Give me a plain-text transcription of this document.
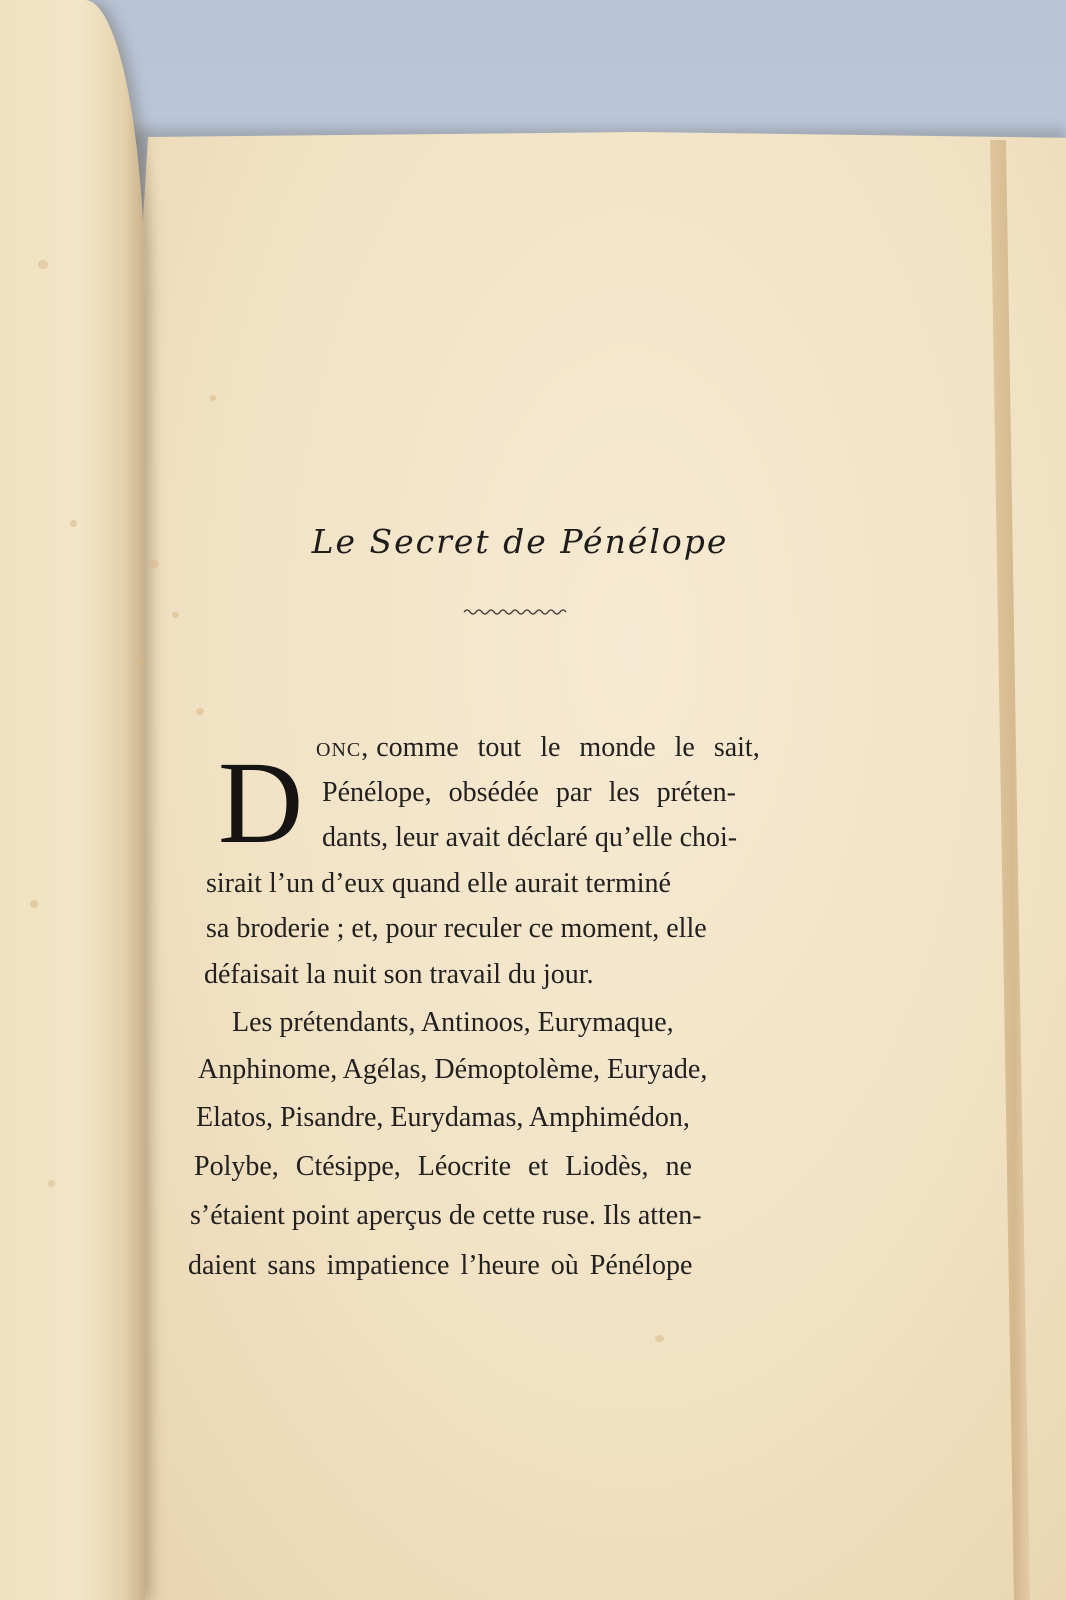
Le Secret de Pénélope
D onc, comme tout le monde le sait,
Pénélope, obsédée par les préten-
dants, leur avait déclaré qu’elle choi-
sirait l’un d’eux quand elle aurait terminé
sa broderie ; et, pour reculer ce moment, elle
défaisait la nuit son travail du jour.
Les prétendants, Antinoos, Eurymaque,
Anphinome, Agélas, Démoptolème, Euryade,
Elatos, Pisandre, Eurydamas, Amphimédon,
Polybe, Ctésippe, Léocrite et Liodès, ne
s’étaient point aperçus de cette ruse. Ils atten-
daient sans impatience l’heure où Pénélope
